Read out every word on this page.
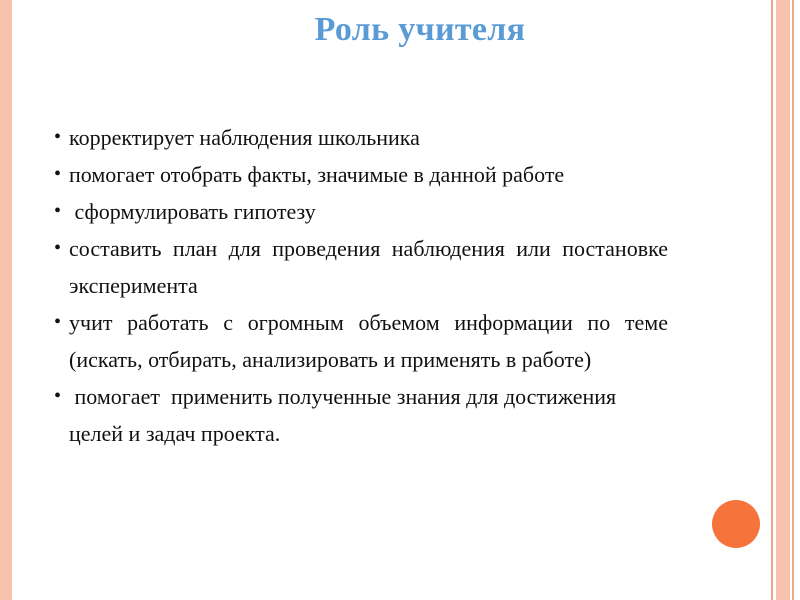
Роль учителя
• корректирует наблюдения школьника
• помогает отобрать факты, значимые в данной работе
• сформулировать гипотезу
• составить план для проведения наблюдения или постановке эксперимента
• учит работать с огромным объемом информации по теме (искать, отбирать, анализировать и применять в работе)
• помогает  применить полученные знания для достижения целей и задач проекта.
